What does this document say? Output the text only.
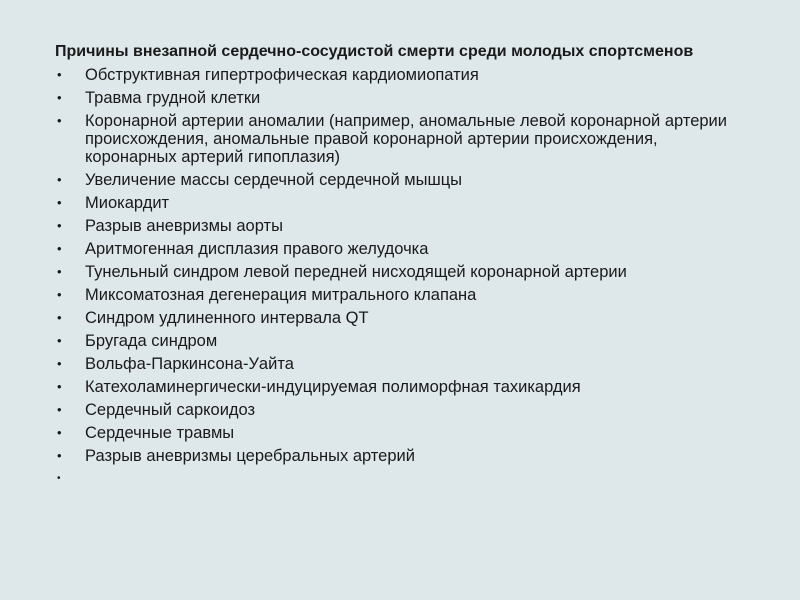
Причины внезапной сердечно-сосудистой смерти среди молодых спортсменов
• Обструктивная гипертрофическая кардиомиопатия
• Травма грудной клетки
• Коронарной артерии аномалии (например, аномальные левой коронарной артерии происхождения, аномальные правой коронарной артерии происхождения, коронарных артерий гипоплазия)
• Увеличение массы сердечной сердечной мышцы
• Миокардит
• Разрыв аневризмы аорты
• Аритмогенная дисплазия правого желудочка
• Тунельный синдром левой передней нисходящей коронарной артерии
• Миксоматозная дегенерация митрального клапана
• Синдром удлиненного интервала QT
• Бругада синдром
• Вольфа-Паркинсона-Уайта
• Катехоламинергически-индуцируемая полиморфная тахикардия
• Сердечный саркоидоз
• Сердечные травмы
• Разрыв аневризмы церебральных артерий
•
